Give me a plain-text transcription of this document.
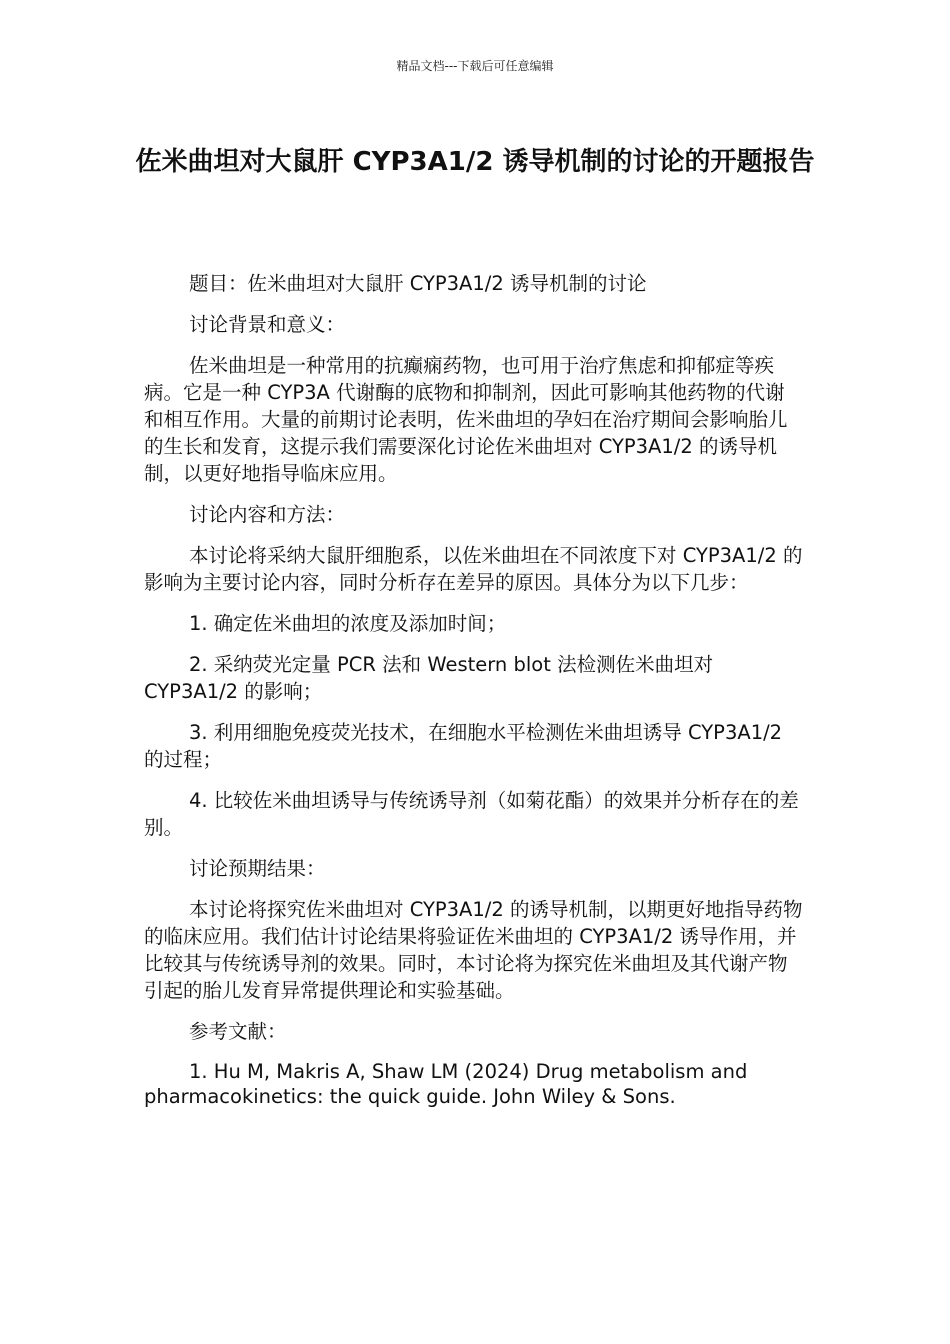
精品文档---下载后可任意编辑
佐米曲坦对大鼠肝 CYP3A1/2 诱导机制的讨论的开题报告

题目：佐米曲坦对大鼠肝 CYP3A1/2 诱导机制的讨论

讨论背景和意义：

佐米曲坦是一种常用的抗癫痫药物，也可用于治疗焦虑和抑郁症等疾病。它是一种 CYP3A 代谢酶的底物和抑制剂，因此可影响其他药物的代谢和相互作用。大量的前期讨论表明，佐米曲坦的孕妇在治疗期间会影响胎儿的生长和发育，这提示我们需要深化讨论佐米曲坦对 CYP3A1/2 的诱导机制，以更好地指导临床应用。

讨论内容和方法：

本讨论将采纳大鼠肝细胞系，以佐米曲坦在不同浓度下对 CYP3A1/2 的影响为主要讨论内容，同时分析存在差异的原因。具体分为以下几步：

1. 确定佐米曲坦的浓度及添加时间；

2. 采纳荧光定量 PCR 法和 Western blot 法检测佐米曲坦对 CYP3A1/2 的影响；

3. 利用细胞免疫荧光技术，在细胞水平检测佐米曲坦诱导 CYP3A1/2 的过程；

4. 比较佐米曲坦诱导与传统诱导剂（如菊花酯）的效果并分析存在的差别。

讨论预期结果：

本讨论将探究佐米曲坦对 CYP3A1/2 的诱导机制，以期更好地指导药物的临床应用。我们估计讨论结果将验证佐米曲坦的 CYP3A1/2 诱导作用，并比较其与传统诱导剂的效果。同时，本讨论将为探究佐米曲坦及其代谢产物引起的胎儿发育异常提供理论和实验基础。

参考文献：

1. Hu M, Makris A, Shaw LM (2024) Drug metabolism and pharmacokinetics: the quick guide. John Wiley & Sons.
